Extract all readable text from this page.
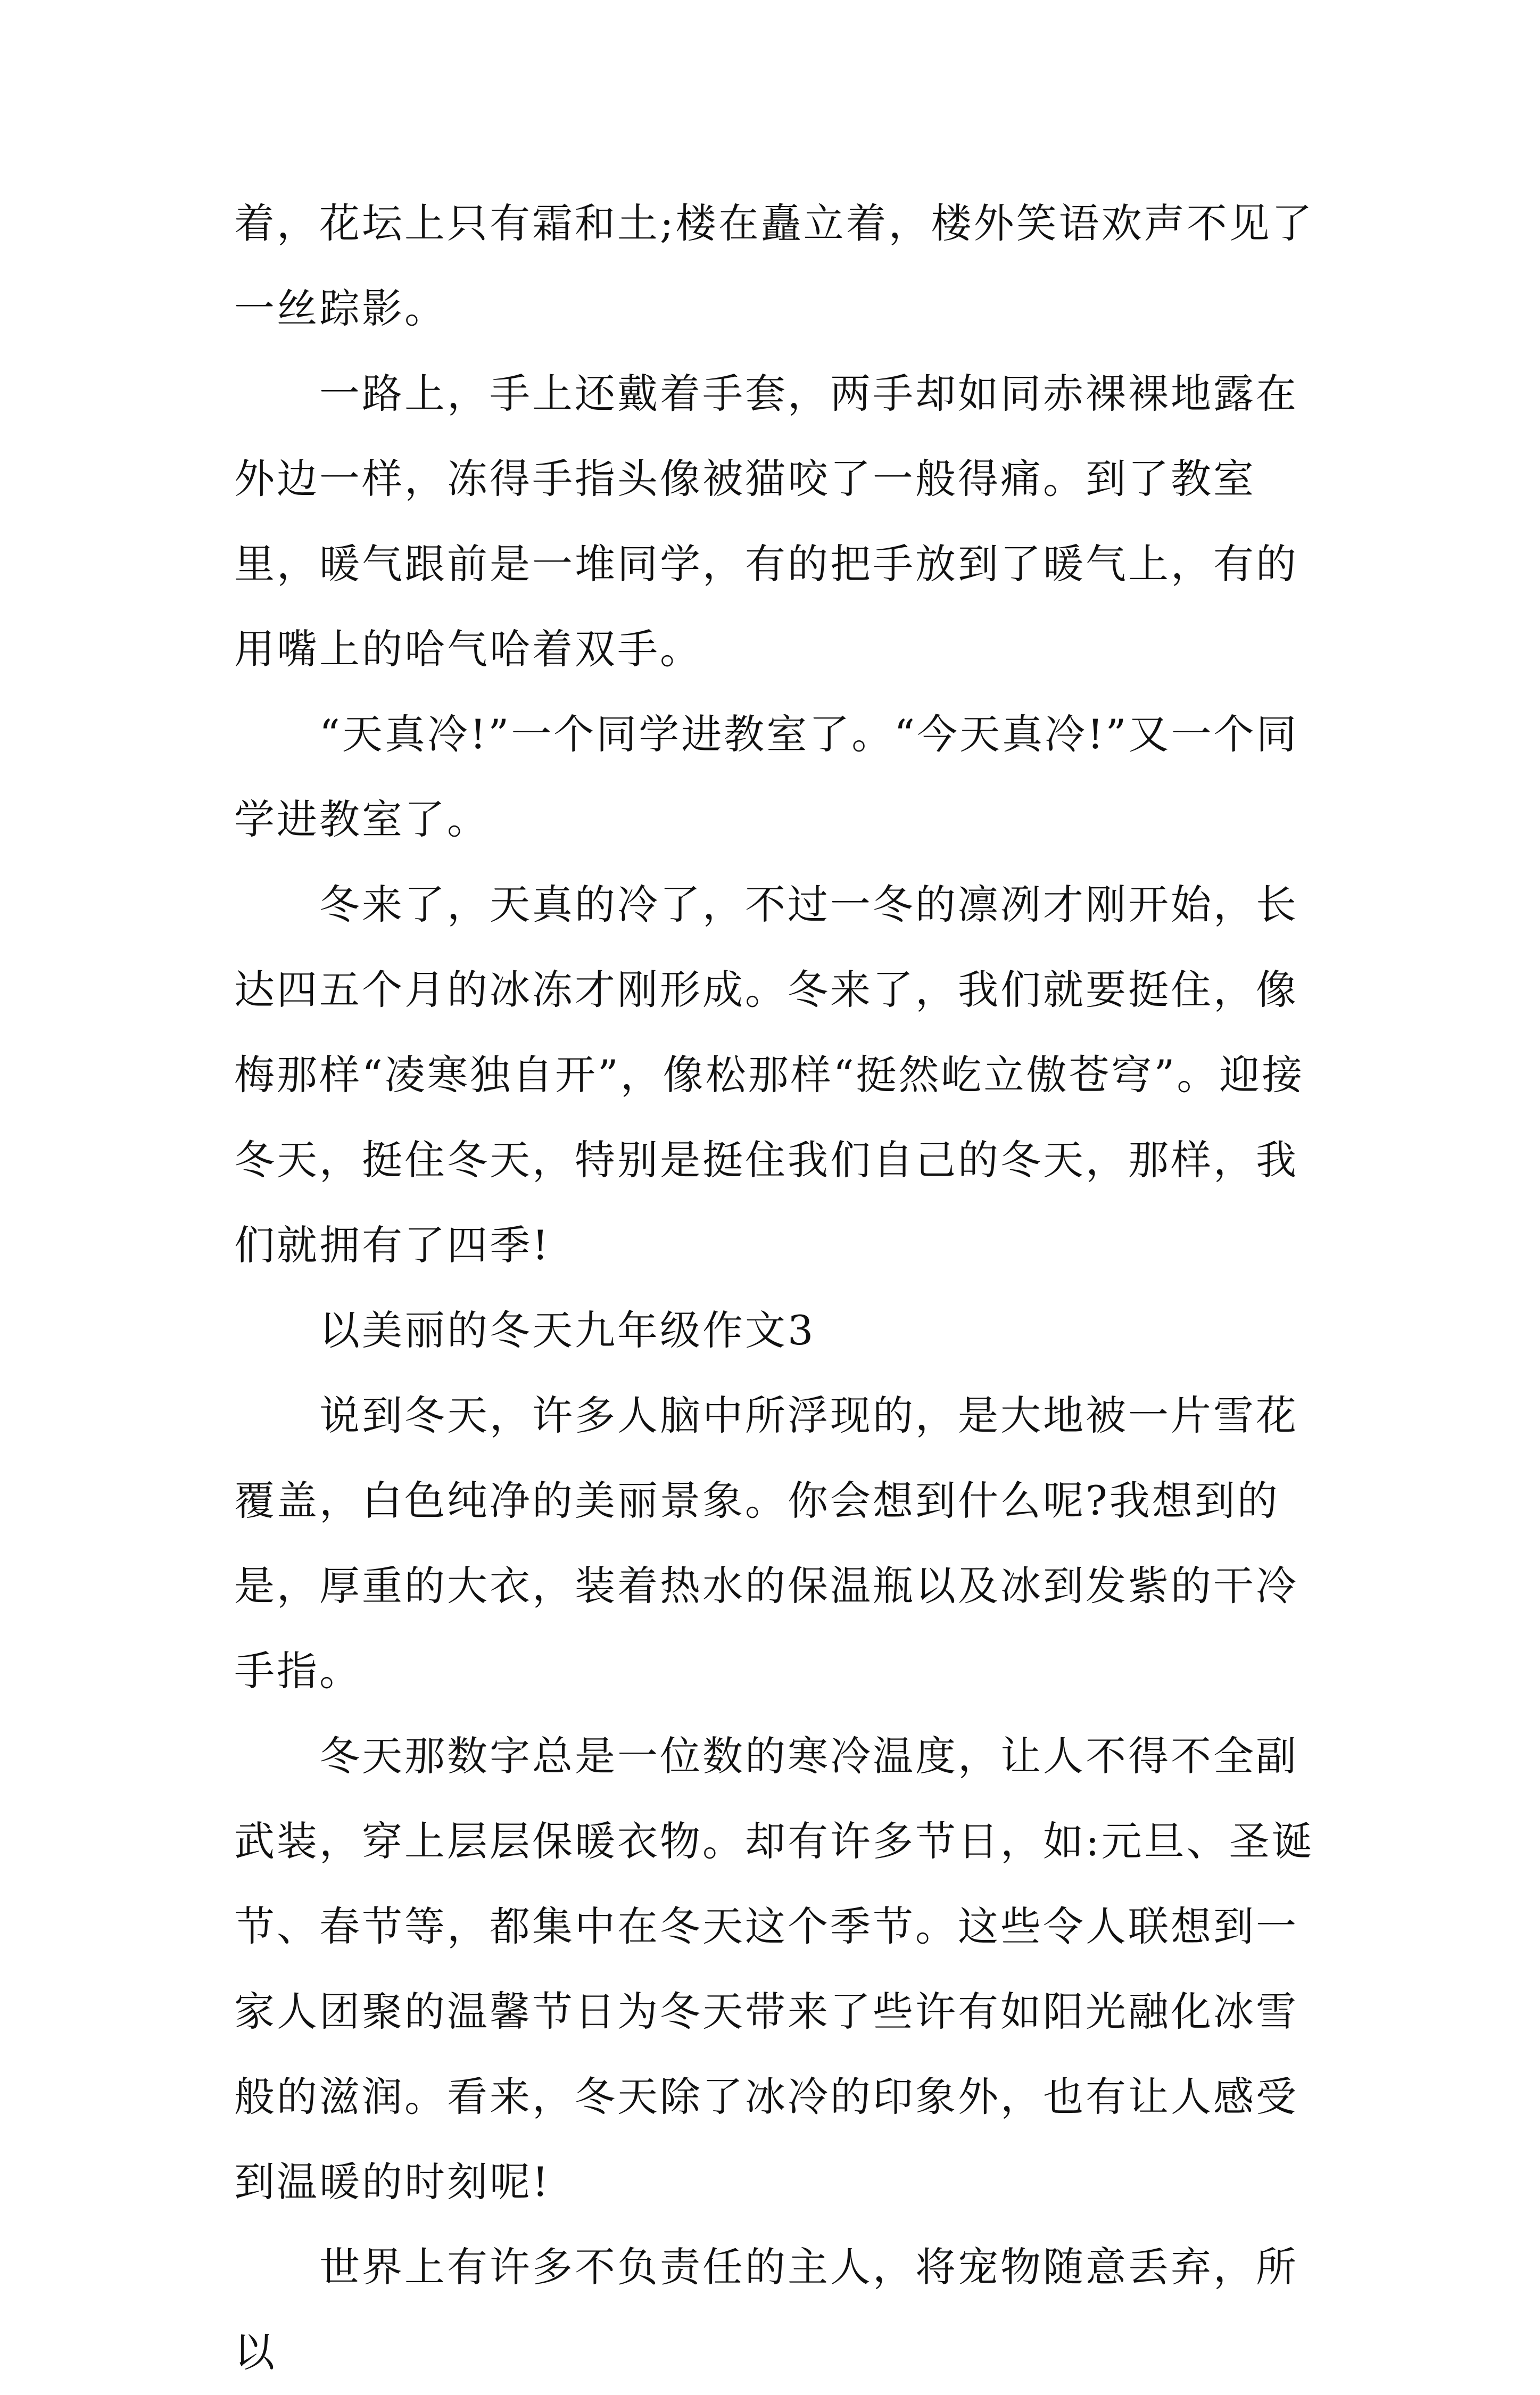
着，花坛上只有霜和土;楼在矗立着，楼外笑语欢声不见了一丝踪影。

一路上，手上还戴着手套，两手却如同赤裸裸地露在外边一样，冻得手指头像被猫咬了一般得痛。到了教室里，暖气跟前是一堆同学，有的把手放到了暖气上，有的用嘴上的哈气哈着双手。

“天真冷!”一个同学进教室了。“今天真冷!”又一个同学进教室了。

冬来了，天真的冷了，不过一冬的凛冽才刚开始，长达四五个月的冰冻才刚形成。冬来了，我们就要挺住，像梅那样“凌寒独自开”，像松那样“挺然屹立傲苍穹”。迎接冬天，挺住冬天，特别是挺住我们自己的冬天，那样，我们就拥有了四季!

以美丽的冬天九年级作文3

说到冬天，许多人脑中所浮现的，是大地被一片雪花覆盖，白色纯净的美丽景象。你会想到什么呢?我想到的是，厚重的大衣，装着热水的保温瓶以及冰到发紫的干冷手指。

冬天那数字总是一位数的寒冷温度，让人不得不全副武装，穿上层层保暖衣物。却有许多节日，如:元旦、圣诞节、春节等，都集中在冬天这个季节。这些令人联想到一家人团聚的温馨节日为冬天带来了些许有如阳光融化冰雪般的滋润。看来，冬天除了冰冷的印象外，也有让人感受到温暖的时刻呢!

世界上有许多不负责任的主人，将宠物随意丢弃，所以
